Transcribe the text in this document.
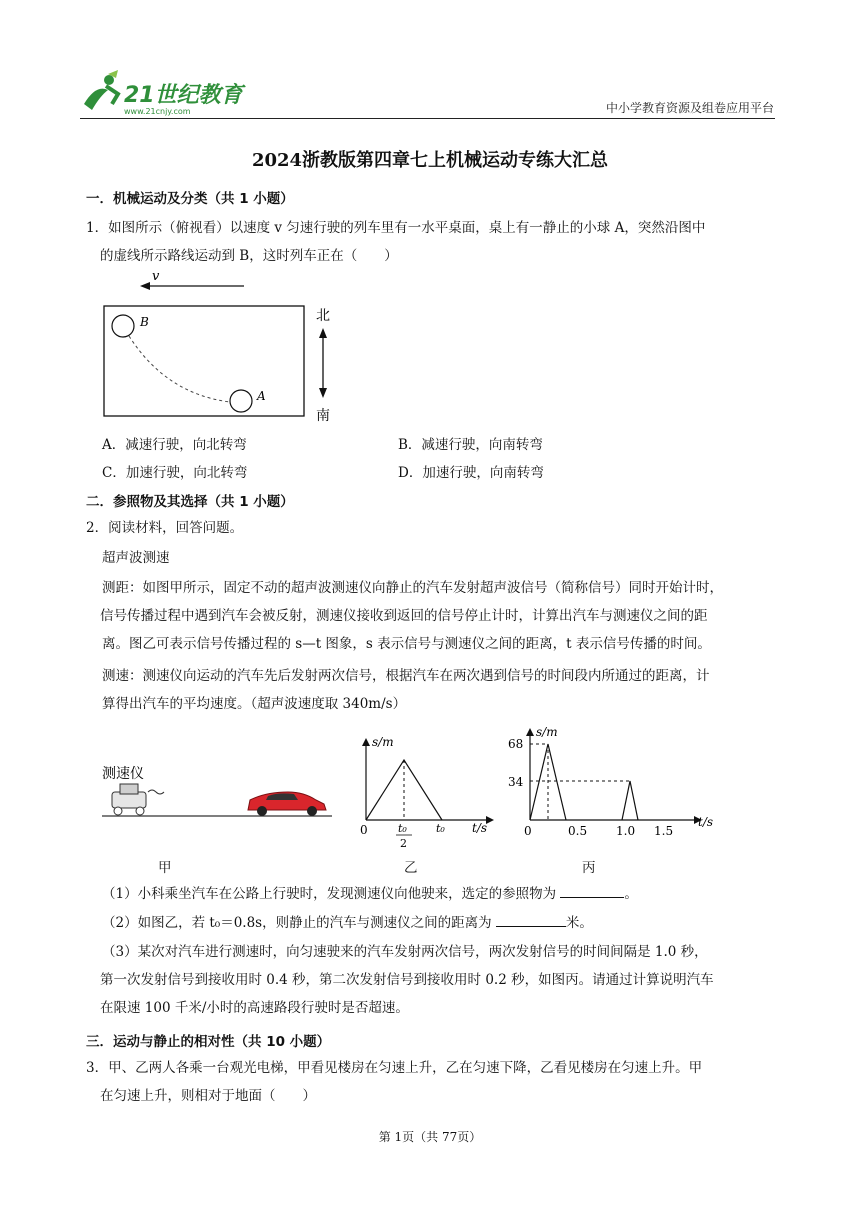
21世纪教育
www.21cnjy.com	中小学教育资源及组卷应用平台
2024浙教版第四章七上机械运动专练大汇总
一．机械运动及分类（共 1 小题）
1．如图所示（俯视看）以速度 v 匀速行驶的列车里有一水平桌面，桌上有一静止的小球 A，突然沿图中
的虚线所示路线运动到 B，这时列车正在（　　）
v
B
A
北
南
A．减速行驶，向北转弯	B．减速行驶，向南转弯
C．加速行驶，向北转弯	D．加速行驶，向南转弯
二．参照物及其选择（共 1 小题）
2．阅读材料，回答问题。
超声波测速
测距：如图甲所示，固定不动的超声波测速仪向静止的汽车发射超声波信号（简称信号）同时开始计时，
信号传播过程中遇到汽车会被反射，测速仪接收到返回的信号停止计时，计算出汽车与测速仪之间的距
离。图乙可表示信号传播过程的 s—t 图象，s 表示信号与测速仪之间的距离，t 表示信号传播的时间。
测速：测速仪向运动的汽车先后发射两次信号，根据汽车在两次遇到信号的时间段内所通过的距离，计
算得出汽车的平均速度。（超声波速度取 340m/s）
测速仪
s/m
t/s
0	t₀
2
t₀
s/m
t/s
68
34
0	0.5 1.0 1.5
甲	乙	丙
（1）小科乘坐汽车在公路上行驶时，发现测速仪向他驶来，选定的参照物为	。
（2）如图乙，若 t₀＝0.8s，则静止的汽车与测速仪之间的距离为	米。
（3）某次对汽车进行测速时，向匀速驶来的汽车发射两次信号，两次发射信号的时间间隔是 1.0 秒，
第一次发射信号到接收用时 0.4 秒，第二次发射信号到接收用时 0.2 秒，如图丙。请通过计算说明汽车
在限速 100 千米/小时的高速路段行驶时是否超速。
三．运动与静止的相对性（共 10 小题）
3．甲、乙两人各乘一台观光电梯，甲看见楼房在匀速上升，乙在匀速下降，乙看见楼房在匀速上升。甲
在匀速上升，则相对于地面（　　）
第 1页（共 77页）
